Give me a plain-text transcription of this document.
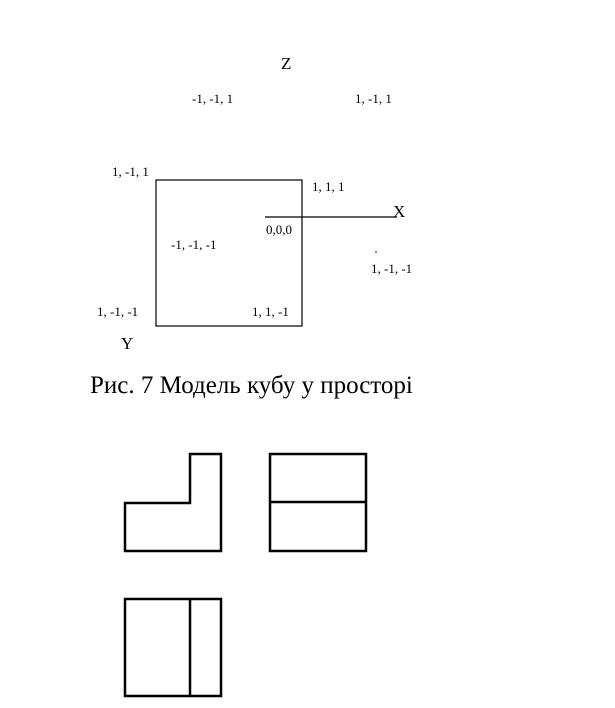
Z
X
Y
-1, -1, 1	1, -1, 1
1, -1, 1
1, 1, 1
0,0,0
-1, -1, -1
1, -1, -1
1, -1, -1	1, 1, -1
Рис. 7 Модель кубу у просторі
